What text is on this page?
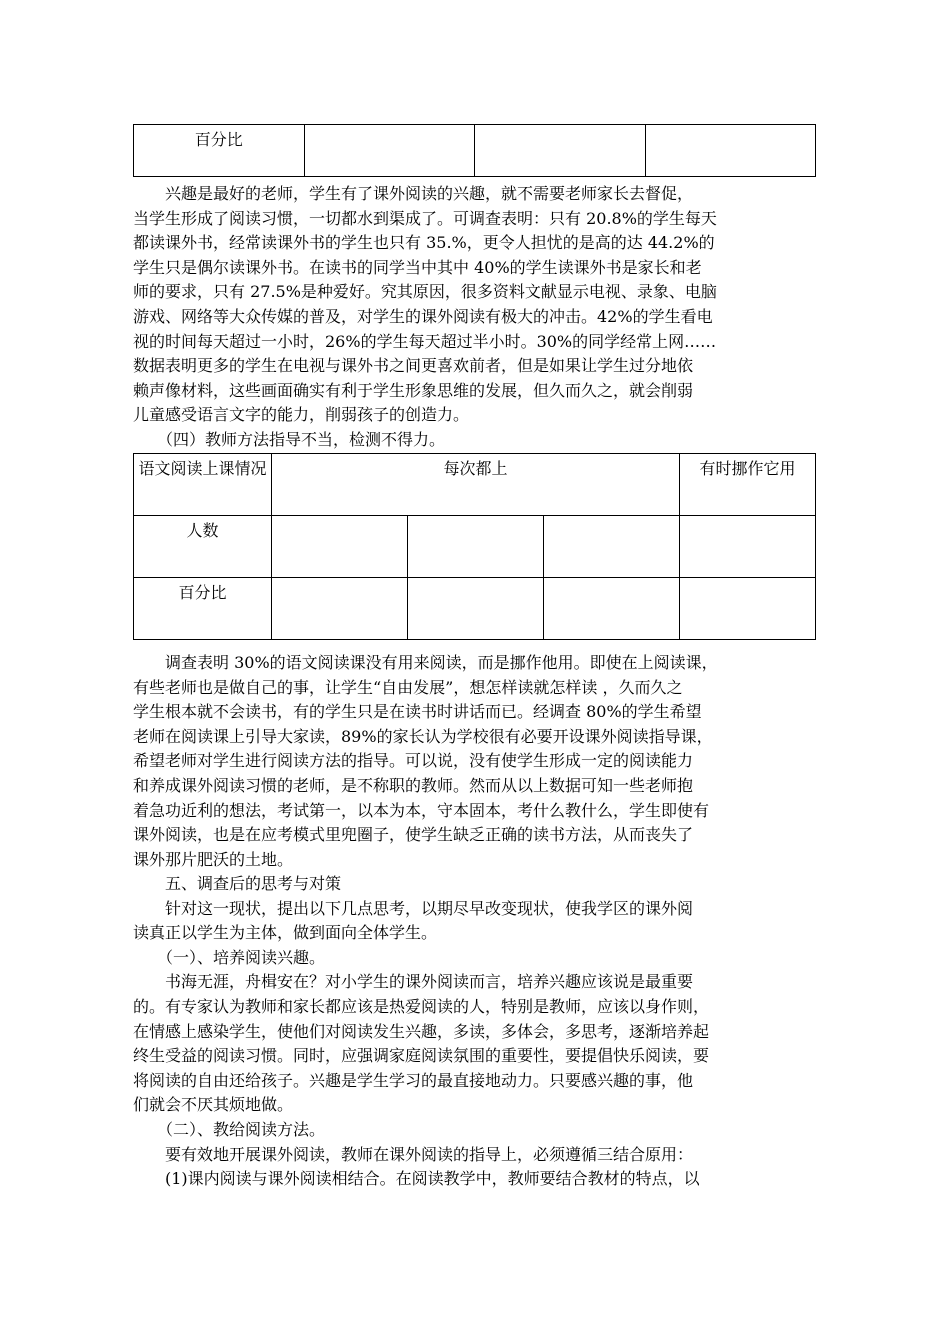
百分比			
　　兴趣是最好的老师，学生有了课外阅读的兴趣，就不需要老师家长去督促，
当学生形成了阅读习惯，一切都水到渠成了。可调查表明：只有 20.8%的学生每天
都读课外书，经常读课外书的学生也只有 35.%，更令人担忧的是高的达 44.2%的
学生只是偶尔读课外书。在读书的同学当中其中 40%的学生读课外书是家长和老
师的要求，只有 27.5%是种爱好。究其原因，很多资料文献显示电视、录象、电脑
游戏、网络等大众传媒的普及，对学生的课外阅读有极大的冲击。42%的学生看电
视的时间每天超过一小时，26%的学生每天超过半小时。30%的同学经常上网……
数据表明更多的学生在电视与课外书之间更喜欢前者，但是如果让学生过分地依
赖声像材料，这些画面确实有利于学生形象思维的发展，但久而久之，就会削弱
儿童感受语言文字的能力，削弱孩子的创造力。
　　（四）教师方法指导不当，检测不得力。
语文阅读上课情况	每次都上			有时挪作它用
人数				
百分比				
　　调查表明 30%的语文阅读课没有用来阅读，而是挪作他用。即使在上阅读课，
有些老师也是做自己的事，让学生“自由发展”，想怎样读就怎样读 ，久而久之
学生根本就不会读书，有的学生只是在读书时讲话而已。经调查 80%的学生希望
老师在阅读课上引导大家读，89%的家长认为学校很有必要开设课外阅读指导课，
希望老师对学生进行阅读方法的指导。可以说，没有使学生形成一定的阅读能力
和养成课外阅读习惯的老师，是不称职的教师。然而从以上数据可知一些老师抱
着急功近利的想法，考试第一，以本为本，守本固本，考什么教什么，学生即使有
课外阅读，也是在应考模式里兜圈子，使学生缺乏正确的读书方法，从而丧失了
课外那片肥沃的土地。
　　五、调查后的思考与对策
　　针对这一现状，提出以下几点思考，以期尽早改变现状，使我学区的课外阅
读真正以学生为主体，做到面向全体学生。
　　（一）、培养阅读兴趣。
　　书海无涯，舟楫安在？对小学生的课外阅读而言，培养兴趣应该说是最重要
的。有专家认为教师和家长都应该是热爱阅读的人，特别是教师，应该以身作则，
在情感上感染学生，使他们对阅读发生兴趣，多读，多体会，多思考，逐渐培养起
终生受益的阅读习惯。同时，应强调家庭阅读氛围的重要性，要提倡快乐阅读，要
将阅读的自由还给孩子。兴趣是学生学习的最直接地动力。只要感兴趣的事，他
们就会不厌其烦地做。
　　（二）、教给阅读方法。
　　要有效地开展课外阅读，教师在课外阅读的指导上，必须遵循三结合原用：
　　(1)课内阅读与课外阅读相结合。在阅读教学中，教师要结合教材的特点，以
